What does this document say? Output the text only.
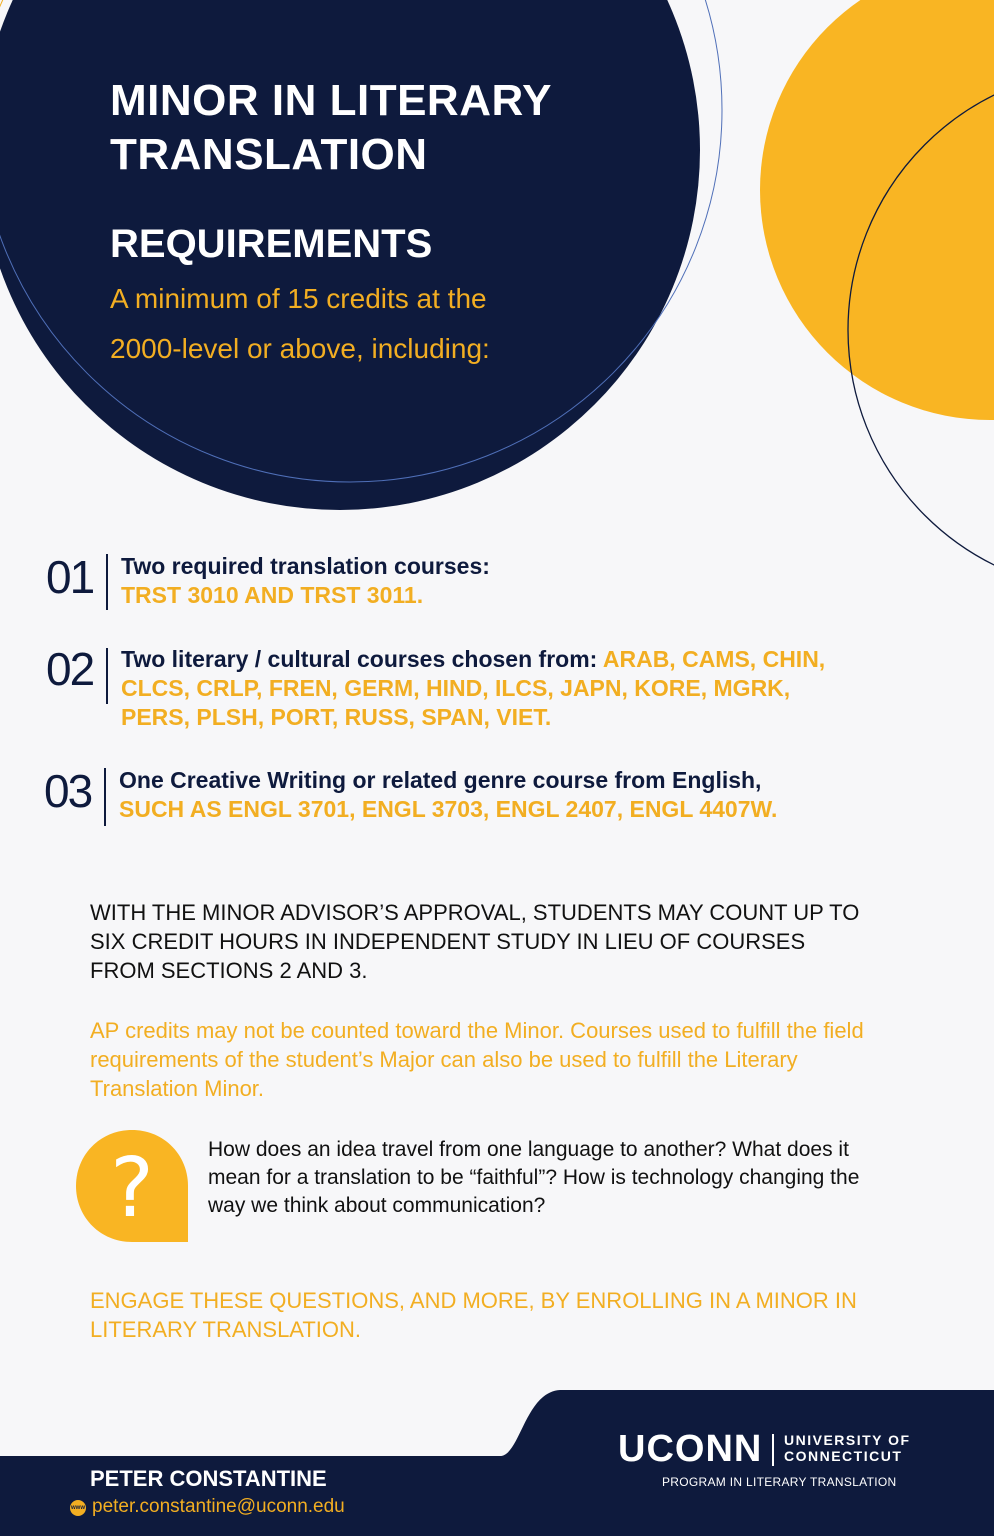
MINOR IN LITERARY
TRANSLATION
REQUIREMENTS
A minimum of 15 credits at the 2000-level or above, including:
01 Two required translation courses:
TRST 3010 AND TRST 3011.
02 Two literary / cultural courses chosen from: ARAB, CAMS, CHIN, CLCS, CRLP, FREN, GERM, HIND, ILCS, JAPN, KORE, MGRK, PERS, PLSH, PORT, RUSS, SPAN, VIET.
03 One Creative Writing or related genre course from English,
SUCH AS ENGL 3701, ENGL 3703, ENGL 2407, ENGL 4407W.
WITH THE MINOR ADVISOR’S APPROVAL, STUDENTS MAY COUNT UP TO SIX CREDIT HOURS IN INDEPENDENT STUDY IN LIEU OF COURSES FROM SECTIONS 2 AND 3.
AP credits may not be counted toward the Minor. Courses used to fulfill the field requirements of the student’s Major can also be used to fulfill the Literary Translation Minor.
?	How does an idea travel from one language to another? What does it mean for a translation to be “faithful”? How is technology changing the way we think about communication?
ENGAGE THESE QUESTIONS, AND MORE, BY ENROLLING IN A MINOR IN LITERARY TRANSLATION.
PETER CONSTANTINE
www peter.constantine@uconn.edu
UCONN UNIVERSITY OF
CONNECTICUT
PROGRAM IN LITERARY TRANSLATION
